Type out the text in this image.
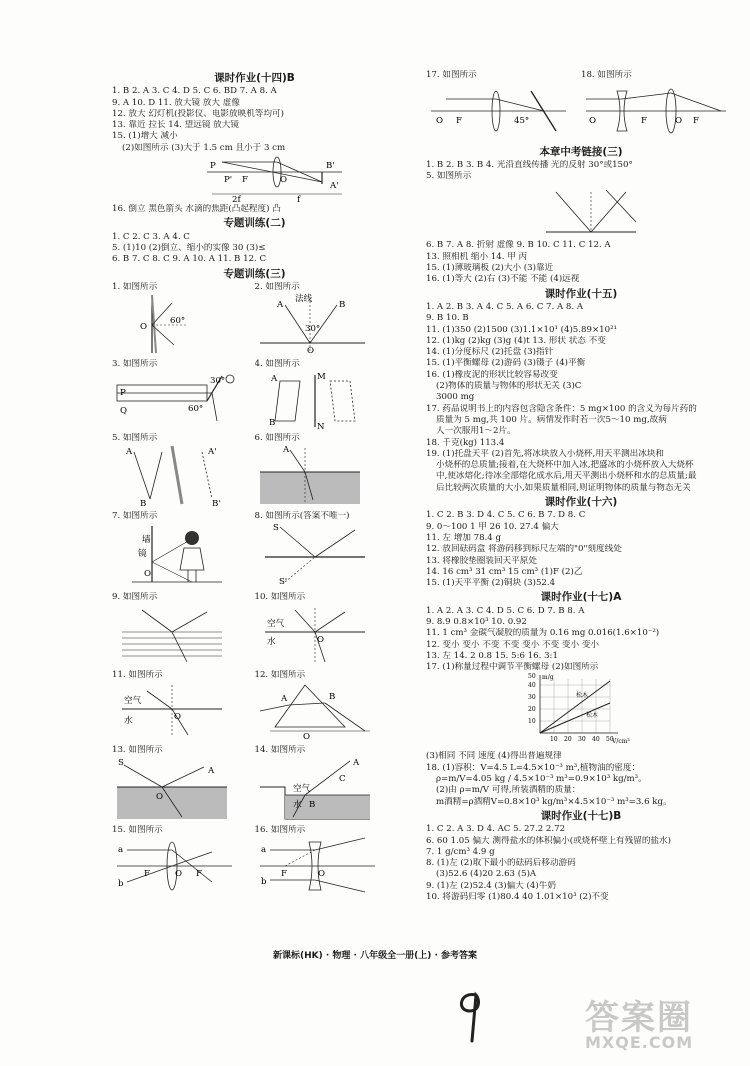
课时作业(十四)B
1. B 2. A 3. C 4. D 5. C 6. BD 7. A 8. A
9. A 10. D 11. 放大镜 放大 虚像
12. 放大 幻灯机(投影仪、电影放映机等均可)
13. 靠近 拉长 14. 望远镜 放大镜
15. (1)增大 减小
(2)如图所示 (3)大于 1.5 cm 且小于 3 cm
P
F	O
B'
A'
2f	f
P'
16. 倒立 黑色箭头 水滴的焦距(凸起程度) 凸
专题训练(二)
1. C 2. C 3. A 4. C
5. (1)10 (2)倒立、缩小的实像 30 (3)≤
6. B 7. C 8. C 9. A 10. A 11. B 12. C
专题训练(三)
1. 如图所示
60°
O
2. 如图所示
法线
A
30°
B
O
3. 如图所示
P
Q
30°
60°
4. 如图所示
M
A
B	N
5. 如图所示
A	A'
B	B'
6. 如图所示
A
7. 如图所示
墙
镜
O
8. 如图所示(答案不唯一)
S
S'
9. 如图所示	10. 如图所示
空气
水	O
11. 如图所示
空气
水	O
12. 如图所示
A	B
O
13. 如图所示
S
A
O
14. 如图所示
空气
水
A
B
C
15. 如图所示
a
b
F	O F
16. 如图所示
a
b
F	O
17. 如图所示
O F	45°
18. 如图所示
O	F	F
O
本章中考链接(三)
1. B 2. B 3. B 4. 光沿直线传播 光的反射 30°或150°
5. 如图所示
6. B 7. A 8. 折射 虚像 9. B 10. C 11. C 12. A
13. 照相机 缩小 14. 甲 丙
15. (1)薄玻璃板 (2)大小 (3)靠近
16. (1)等大 (2)右 (3)不能 不能 (4)远视
课时作业(十五)
1. A 2. B 3. A 4. C 5. A 6. C 7. A 8. A
9. B 10. B
11. (1)350 (2)1500 (3)1.1×10¹ (4)5.89×10²¹
12. (1)kg (2)kg (3)g (4)t 13. 形状 状态 不变
14. (1)分度标尺 (2)托盘 (3)指针
15. (1)平衡螺母 (2)游码 (3)镊子 (4)平衡
16. (1)橡皮泥的形状比较容易改变
(2)物体的质量与物体的形状无关 (3)C
3000 mg
17. 药品说明书上的内容包含隐含条件：5 mg×100 的含义为每片药的
质量为 5 mg,共 100 片。病情发作时若一次5～10 mg,故病
人一次服用1～2片。
18. 千克(kg) 113.4
19. (1)托盘天平 (2)首先,将冰块放入小烧杯,用天平测出冰块和
小烧杯的总质量;接着,在大烧杯中加入冰,把盛冰的小烧杯放入大烧杯
中,使冰熔化;待冰全部熔化成水后,用天平测出小烧杯和水的总质量;最
后比较两次质量的大小,如果质量相同,则证明物体的质量与物态无关
课时作业(十六)
1. C 2. B 3. D 4. C 5. C 6. B 7. D 8. C
9. 0～100 1 甲 26 10. 27.4 偏大
11. 左 增加 78.4 g
12. 放回砝码盒 将游码移到标尺左端的"0"刻度线处
13. 将橡胶垫圈装回天平原处
14. 16 cm³ 31 cm³ 15 cm³ (1)F (2)乙
15. (1)天平平衡 (2)铜块 (3)52.4
课时作业(十七)A
1. A 2. A 3. C 4. D 5. C 6. D 7. B 8. A
9. 8.9 0.8×10³ 10. 0.92
11. 1 cm³ 金碳气凝胶的质量为 0.16 mg 0.016(1.6×10⁻²)
12. 变小 变小 不变 不变 变小 不变 变小 变小
13. 左 14. 2 0.8 15. 5:6 16. 3:1
17. (1)称量过程中调节平衡螺母 (2)如图所示
m/g
V/cm³
10
20
30
40
50
10 20 30 40 50
松木
松木
(3)相同 不同 速度 (4)得出普遍规律
18. (1)容积：V=4.5 L=4.5×10⁻³ m³,植物油的密度：
ρ=m/V=4.05 kg / 4.5×10⁻³ m³=0.9×10³ kg/m³。
(2)由 ρ=m/V 可得,所装酒精的质量：
m酒精=ρ酒精V=0.8×10³ kg/m³×4.5×10⁻³ m³=3.6 kg。
课时作业(十七)B
1. C 2. A 3. D 4. AC 5. 27.2 2.72
6. 60 1.05 偏大 测得盐水的体积偏小(或烧杯壁上有残留的盐水)
7. 1 g/cm³ 4.9 g
8. (1)左 (2)取下最小的砝码后移动游码
(3)52.6 (4)20 2.63 (5)A
9. (1)左 (2)52.4 (3)偏大 (4)牛奶
10. 将游码归零 (1)80.4 40 1.01×10³ (2)不变
新课标(HK) · 物理 · 八年级全一册(上) · 参考答案
答案圈
MXQE.COM
